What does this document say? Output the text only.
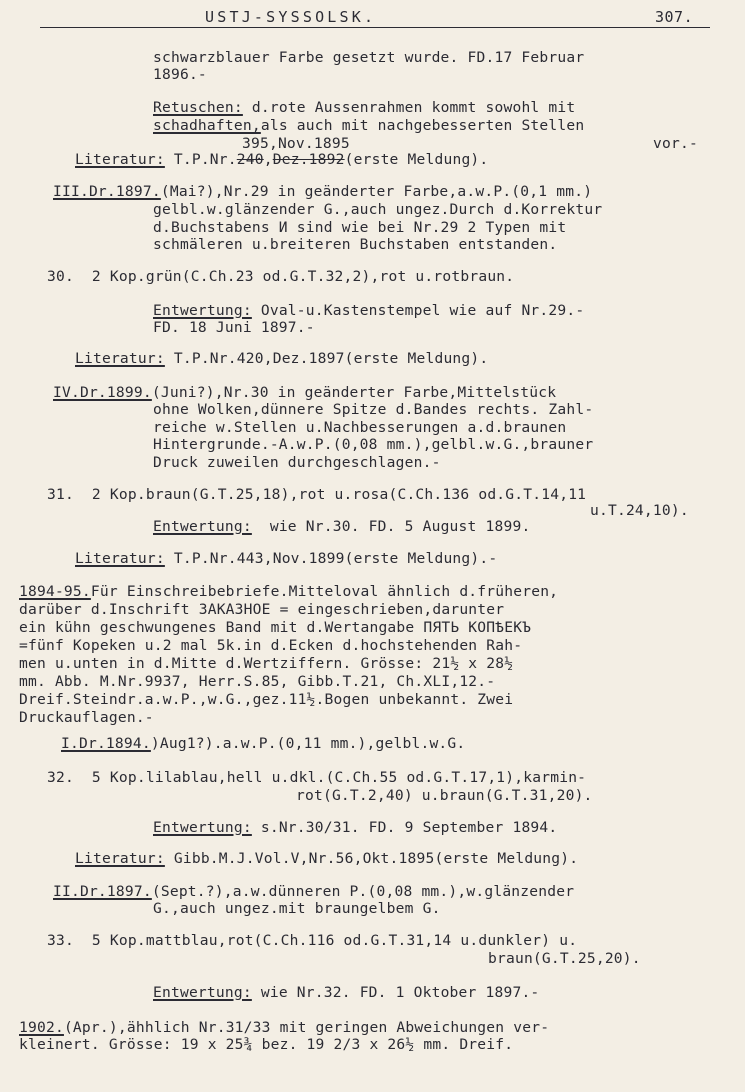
USTJ-SYSSOLSK.	307.
schwarzblauer Farbe gesetzt wurde. FD.17 Februar
1896.-
Retuschen: d.rote Aussenrahmen kommt sowohl mit
schadhaften,als auch mit nachgebesserten Stellen
395,Nov.1895	vor.-
Literatur: T.P.Nr.240,Dez.1892(erste Meldung).
III.Dr.1897.(Mai?),Nr.29 in geänderter Farbe,a.w.P.(0,1 mm.)
gelbl.w.glänzender G.,auch ungez.Durch d.Korrektur
d.Buchstabens И sind wie bei Nr.29 2 Typen mit
schmäleren u.breiteren Buchstaben entstanden.
30.  2 Kop.grün(C.Ch.23 od.G.T.32,2),rot u.rotbraun.
Entwertung: Oval-u.Kastenstempel wie auf Nr.29.-
FD. 18 Juni 1897.-
Literatur: T.P.Nr.420,Dez.1897(erste Meldung).
IV.Dr.1899.(Juni?),Nr.30 in geänderter Farbe,Mittelstück
ohne Wolken,dünnere Spitze d.Bandes rechts. Zahl-
reiche w.Stellen u.Nachbesserungen a.d.braunen
Hintergrunde.-A.w.P.(0,08 mm.),gelbl.w.G.,brauner
Druck zuweilen durchgeschlagen.-
31.  2 Kop.braun(G.T.25,18),rot u.rosa(C.Ch.136 od.G.T.14,11
u.T.24,10).
Entwertung:  wie Nr.30. FD. 5 August 1899.
Literatur: T.P.Nr.443,Nov.1899(erste Meldung).-
1894-95.Für Einschreibebriefe.Mitteloval ähnlich d.früheren,
darüber d.Inschrift ЗАКАЗНОЕ = eingeschrieben,darunter
ein kühn geschwungenes Band mit d.Wertangabe ПЯТЬ КОПѢЕКЪ
=fünf Kopeken u.2 mal 5k.in d.Ecken d.hochstehenden Rah-
men u.unten in d.Mitte d.Wertziffern. Grösse: 21½ x 28½
mm. Abb. M.Nr.9937, Herr.S.85, Gibb.T.21, Ch.XLI,12.-
Dreif.Steindr.a.w.P.,w.G.,gez.11½.Bogen unbekannt. Zwei
Druckauflagen.-
I.Dr.1894.)Aug1?).a.w.P.(0,11 mm.),gelbl.w.G.
32.  5 Kop.lilablau,hell u.dkl.(C.Ch.55 od.G.T.17,1),karmin-
rot(G.T.2,40) u.braun(G.T.31,20).
Entwertung: s.Nr.30/31. FD. 9 September 1894.
Literatur: Gibb.M.J.Vol.V,Nr.56,Okt.1895(erste Meldung).
II.Dr.1897.(Sept.?),a.w.dünneren P.(0,08 mm.),w.glänzender
G.,auch ungez.mit braungelbem G.
33.  5 Kop.mattblau,rot(C.Ch.116 od.G.T.31,14 u.dunkler) u.
braun(G.T.25,20).
Entwertung: wie Nr.32. FD. 1 Oktober 1897.-
1902.(Apr.),ähhlich Nr.31/33 mit geringen Abweichungen ver-
kleinert. Grösse: 19 x 25¾ bez. 19 2/3 x 26½ mm. Dreif.
